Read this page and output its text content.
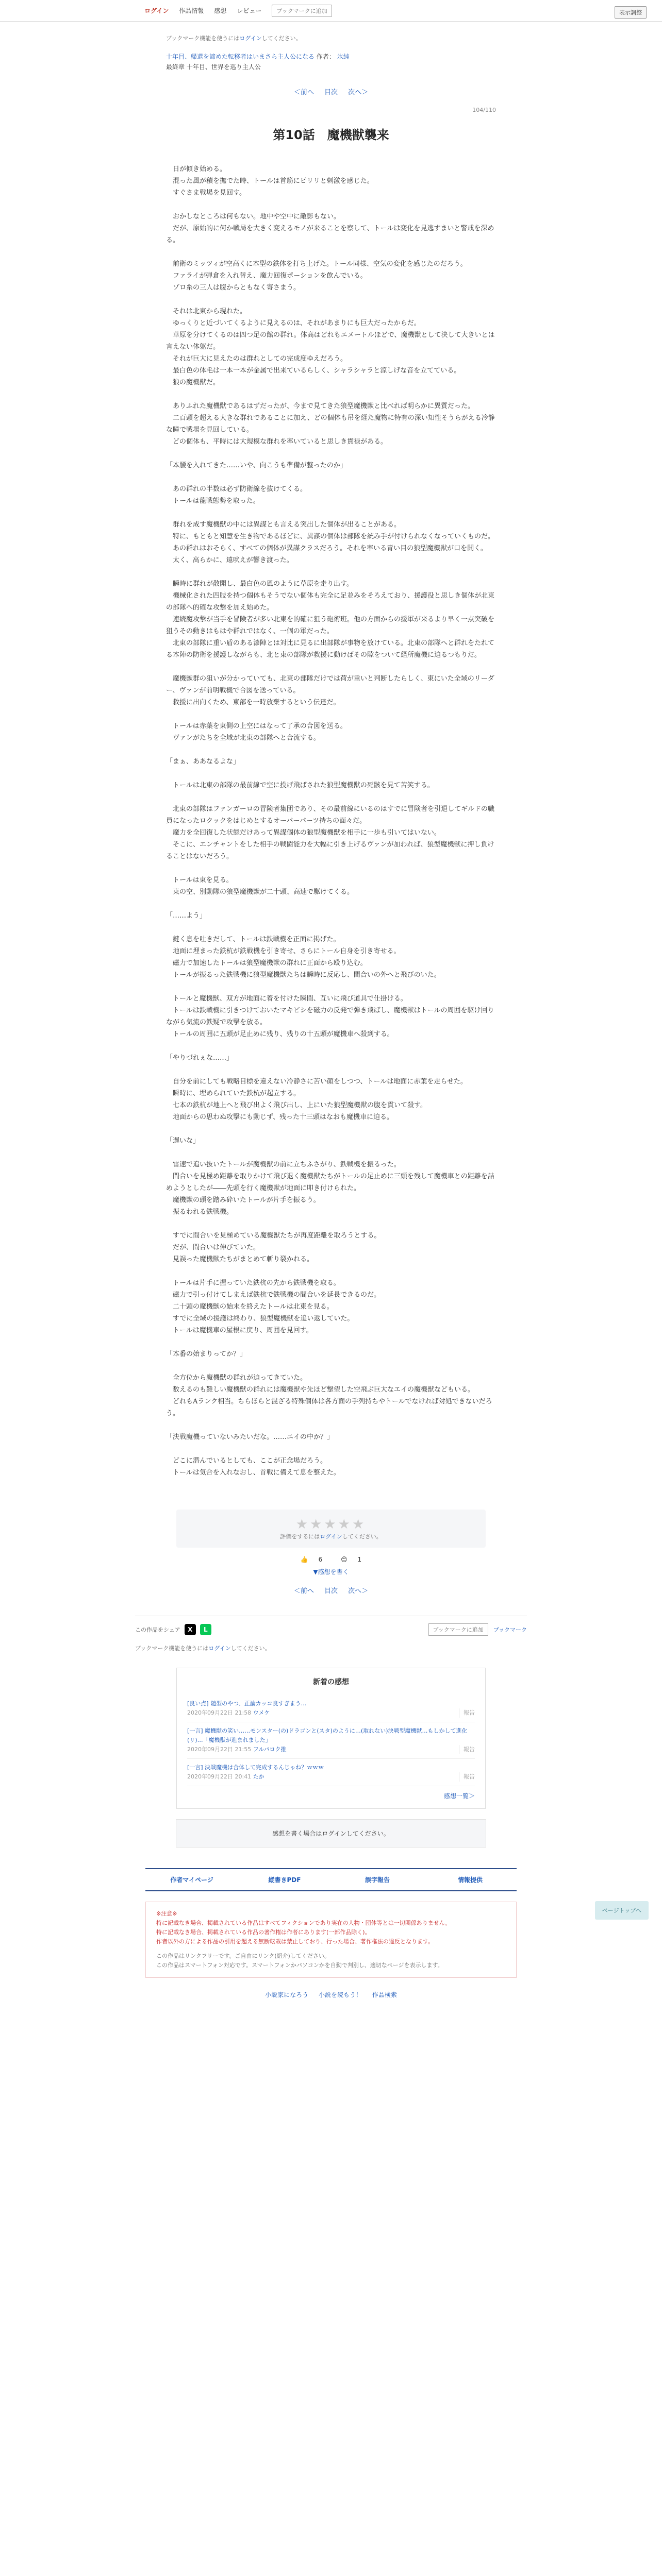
ログイン 作品情報 感想 レビュー	ブックマークに追加	表示調整
ブックマーク機能を使うにはログインしてください。
十年目、帰還を諦めた転移者はいまさら主人公になる 作者： 氷純
最終章 十年目、世界を巡り主人公
＜前へ 目次 次へ＞
104/110
第10話　魔機獣襲来

　日が傾き始める。

　混った風が積を撫でた時、トールは首筋にピリリと刺激を感じた。

　すぐさま戦場を見回す。

　おかしなところは何もない。地中や空中に敵影もない。

　だが、原始的に何か戦局を大きく変えるモノが来ることを察して、トールは変化を見逃すまいと警戒を深める。

　前衛のミッツィが空高くに本型の鉄体を打ち上げた。トール同様、空気の変化を感じたのだろう。

　ファライが弾倉を入れ替え、魔力回復ポーションを飲んでいる。

　ゾロ糸の三人は腹からともなく寄さまう。

　それは北東から現れた。

　ゆっくりと近づいてくるように見えるのは、それがあまりにも巨大だったからだ。

　草原を分けてくるのは四つ足の館の群れ。体高はどれもエメートルほどで、魔機獣として決して大きいとは言えない体躯だ。

　それが巨大に見えたのは群れとしての完成度ゆえだろう。

　最白色の体毛は一本一本が金属で出来ているらしく、シャラシャラと涼しげな音を立てている。

　狼の魔機獣だ。

　ありふれた魔機獣であるはずだったが、今まで見てきた狼型魔機獣と比べれば明らかに異質だった。

　二百頭を超える大きな群れであることに加え、どの個体も吊を経た魔物に特有の深い知性そうらがえる冷静な瞳で戦場を見回している。

　どの個体も、平時には大規模な群れを率いていると思しき貫禄がある。

「本腰を入れてきた……いや、向こうも準備が整ったのか」

　あの群れの半数は必ず防衛線を抜けてくる。

　トールは龍戦態勢を取った。

　群れを成す魔機獣の中には異謀とも言える突出した個体が出ることがある。

　特に、もともと知慧を生き物であるほどに、異謀の個体は部隊を統み手が付けられなくなっていくものだ。

　あの群れはおそらく、すべての個体が異謀クラスだろう。それを率いる青い目の狼型魔機獣が口を開く。

　太く、高らかに、遠吠えが響き渡った。

　瞬時に群れが散開し、最白色の風のように草原を走り出す。

　機械化された四肢を持つ個体もそうでない個体も完全に足並みをそろえており、援護役と思しき個体が北東の部隊へ的確な攻撃を加え始めた。

　連続魔攻撃が当手を冒険者が多い北東を的確に狙う砲術班。他の方面からの援軍が来るより早く一点突破を狙うその動きはもはや群れではなく、一個の軍だった。

　北東の部隊に重い盾のある漆陣とは対比に見るに出部隊が事物を放けている。北東の部隊へと群れをたれてる本陣の防衛を援護しながらも、北と東の部隊が救援に動けばその隙をついて経所魔機に迫るつもりだ。

　魔機獣群の狙いが分かっていても、北東の部隊だけでは荷が重いと判断したらしく、東にいた全域のリーダー、ヴァンが前明戦機で合図を送っている。

　救援に出向くため、東部を一時放棄するという伝達だ。

　トールは赤葉を東側の上空にはなって了承の合図を送る。

　ヴァンがたちを全域が北東の部隊へと合流する。

「まぁ、ああなるよな」

　トールは北東の部隊の最前線で空に投げ飛ばされた狼型魔機獣の死骸を見て苦笑する。

　北東の部隊はファンガーロの冒険者集団であり、その最前線にいるのはすでに冒険者を引退してギルドの職員になったロクックをはじめとするオーバーパーツ持ちの面々だ。

　魔力を全回復した状態だけあって異謀個体の狼型魔機獣を相手に一歩も引いてはいない。

　そこに、エンチャントをした相手の戦闘能力を大幅に引き上げるヴァンが加われば、狼型魔機獣に押し負けることはないだろう。

　トールは東を見る。

　東の空、別動隊の狼型魔機獣が二十頭、高速で駆けてくる。

「……よう」

　鍵く息を吐きだして、トールは鉄戦機を正面に掲げた。

　地面に埋まった鉄杭が鉄戦機を引き寄せ、さらにトール自身を引き寄せる。

　磁力で加速したトールは狼型魔機獣の群れに正面から殴り込む。

　トールが振るった鉄戦機に狼型魔機獣たちは瞬時に反応し、間合いの外へと飛びのいた。

　トールと魔機獣、双方が地面に着を付けた瞬間、互いに飛び道具で仕掛ける。

　トールは鉄戦機に引きつけておいたマキビシを磁力の反発で弾き飛ばし、魔機獣はトールの周囲を駆け回りながら気流の鉄疑で攻撃を放る。

　トールの周囲に五頭が足止めに残り、残りの十五頭が魔機車へ殺到する。

「やりづれぇな……」

　自分を前にしても戦略目標を違えない冷静さに苦い顔をしつつ、トールは地面に赤葉を走らせた。

　瞬時に、埋められていた鉄杭が起立する。

　七本の鉄杭が地上へと飛び出よく飛び出し、上にいた狼型魔機獣の腹を貫いて殺す。

　地面からの思わぬ攻撃にも動じず、残った十三頭はなおも魔機車に迫る。

「遅いな」

　雷速で追い抜いたトールが魔機獣の前に立ちふさがり、鉄戦機を振るった。

　間合いを見極め距離を取りかけて飛び退く魔機獣たちがトールの足止めに三頭を残して魔機車との距離を詰めようとしたが――先頭を行く魔機獣が地面に叩き付けられた。

　魔機獣の頭を踏み砕いたトールが片手を振るう。

　振るわれる鉄戦機。

　すでに間合いを見極めている魔機獣たちが再度距離を取ろうとする。

　だが、間合いは伸びていた。

　見誤った魔機獣たちがまとめて斬り裂かれる。

　トールは片手に握っていた鉄杭の先から鉄戦機を取る。

　磁力で引っ付けてしまえば鉄杭で鉄戦機の間合いを延長できるのだ。

　二十頭の魔機獣の始末を終えたトールは北東を見る。

　すでに全域の援護は終わり、狼型魔機獣を追い返していた。

　トールは魔機車の屋根に戻り、周囲を見回す。

「本番の始まりってか？」

　全方位から魔機獣の群れが迫ってきていた。

　数えるのも難しい魔機獣の群れには魔機獣や先ほど撃望した空飛ぶ巨大なエイの魔機獣などもいる。

　どれもAランク相当。ちらほらと混ざる特殊個体は各方面の手列持ちやトールでなければ対処できないだろう。

「決戦魔機っていないみたいだな。……エイの中か？」

　どこに潜んでいるとしても、ここが正念場だろう。

　トールは気合を入れなおし、首戦に備えて息を整えた。

★★★★★
評価をするにはログインしてください。
👍 6	😊 1
▼感想を書く
＜前へ 目次 次へ＞
この作品をシェア	X	L	ブックマークに追加	ブックマーク
ブックマーク機能を使うにはログインしてください。
新着の感想
[良い点] 随型のやつ、正論カッコ良すぎまう…
2020年09月22日 21:58 ウメケ	報告
[一言] 魔機獣の笑い……モンスター(の)ドラゴンと(スタ)のように…(取れない)決戦型魔機獣…もしかして進化(リ)…「魔機獣が進まれました」
2020年09月22日 21:55 フルパロク推	報告
[一言] 決戦魔機は合体して完成するんじゃね？ｗｗｗ
2020年09月22日 20:41 たか	報告
感想一覧＞
感想を書く場合はログインしてください。
作者マイページ	縦書きPDF	誤字報告	情報提供
※注意※
特に記載なき場合、掲載されている作品はすべてフィクションであり実在の人物・団体等とは一切関係ありません。
特に記載なき場合、掲載されている作品の著作権は作者にあります(一部作品除く)。
作者以外の方による作品の引用を超える無断転載は禁止しており、行った場合、著作権法の違反となります。
この作品はリンクフリーです。ご自由にリンク(紹介)してください。
この作品はスマートフォン対応です。スマートフォンかパソコンかを自動で判別し、適切なページを表示します。
小説家になろう 小説を読もう！ 作品検索
ページトップへ
